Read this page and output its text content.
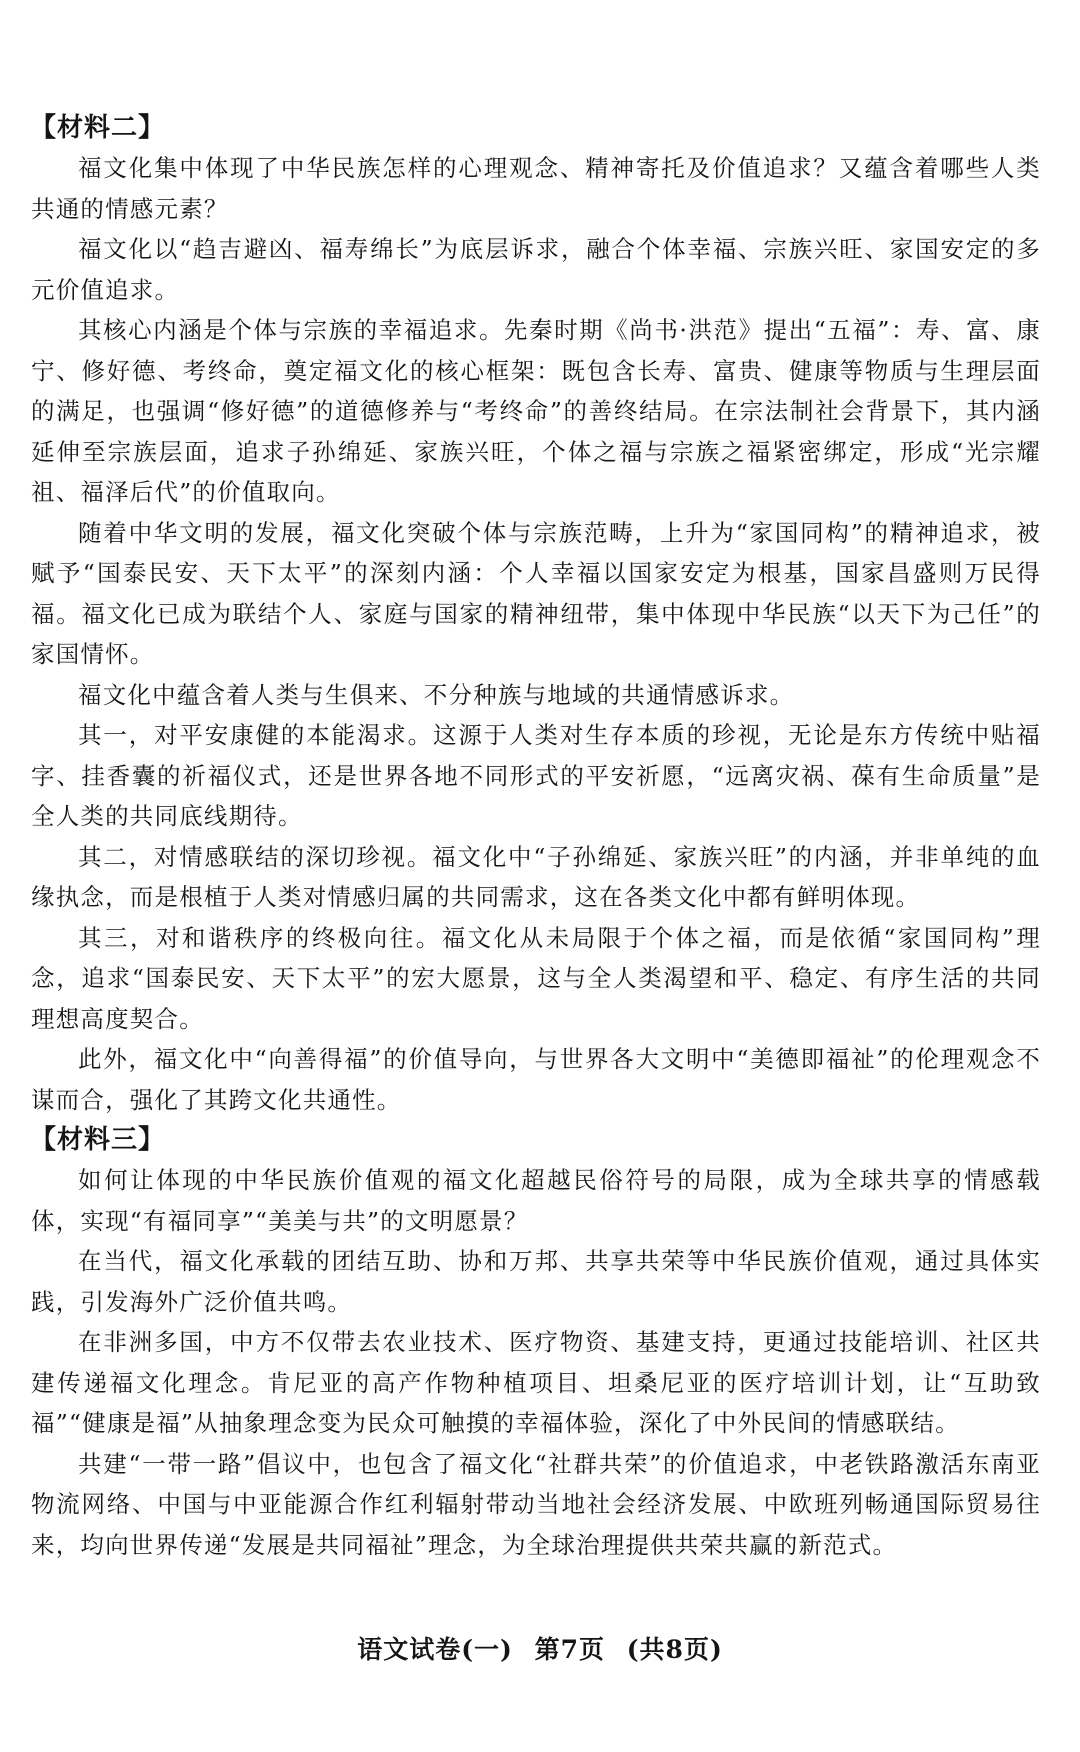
【材料二】

福文化集中体现了中华民族怎样的心理观念、精神寄托及价值追求？又蕴含着哪些人类共通的情感元素？

福文化以“趋吉避凶、福寿绵长”为底层诉求，融合个体幸福、宗族兴旺、家国安定的多元价值追求。

其核心内涵是个体与宗族的幸福追求。先秦时期《尚书·洪范》提出“五福”：寿、富、康宁、修好德、考终命，奠定福文化的核心框架：既包含长寿、富贵、健康等物质与生理层面的满足，也强调“修好德”的道德修养与“考终命”的善终结局。在宗法制社会背景下，其内涵延伸至宗族层面，追求子孙绵延、家族兴旺，个体之福与宗族之福紧密绑定，形成“光宗耀祖、福泽后代”的价值取向。

随着中华文明的发展，福文化突破个体与宗族范畴，上升为“家国同构”的精神追求，被赋予“国泰民安、天下太平”的深刻内涵：个人幸福以国家安定为根基，国家昌盛则万民得福。福文化已成为联结个人、家庭与国家的精神纽带，集中体现中华民族“以天下为己任”的家国情怀。

福文化中蕴含着人类与生俱来、不分种族与地域的共通情感诉求。

其一，对平安康健的本能渴求。这源于人类对生存本质的珍视，无论是东方传统中贴福字、挂香囊的祈福仪式，还是世界各地不同形式的平安祈愿，“远离灾祸、葆有生命质量”是全人类的共同底线期待。

其二，对情感联结的深切珍视。福文化中“子孙绵延、家族兴旺”的内涵，并非单纯的血缘执念，而是根植于人类对情感归属的共同需求，这在各类文化中都有鲜明体现。

其三，对和谐秩序的终极向往。福文化从未局限于个体之福，而是依循“家国同构”理念，追求“国泰民安、天下太平”的宏大愿景，这与全人类渴望和平、稳定、有序生活的共同理想高度契合。

此外，福文化中“向善得福”的价值导向，与世界各大文明中“美德即福祉”的伦理观念不谋而合，强化了其跨文化共通性。

【材料三】

如何让体现的中华民族价值观的福文化超越民俗符号的局限，成为全球共享的情感载体，实现“有福同享”“美美与共”的文明愿景？

在当代，福文化承载的团结互助、协和万邦、共享共荣等中华民族价值观，通过具体实践，引发海外广泛价值共鸣。

在非洲多国，中方不仅带去农业技术、医疗物资、基建支持，更通过技能培训、社区共建传递福文化理念。肯尼亚的高产作物种植项目、坦桑尼亚的医疗培训计划，让“互助致福”“健康是福”从抽象理念变为民众可触摸的幸福体验，深化了中外民间的情感联结。

共建“一带一路”倡议中，也包含了福文化“社群共荣”的价值追求，中老铁路激活东南亚物流网络、中国与中亚能源合作红利辐射带动当地社会经济发展、中欧班列畅通国际贸易往来，均向世界传递“发展是共同福祉”理念，为全球治理提供共荣共赢的新范式。

语文试卷(一) 第7页 (共8页)
